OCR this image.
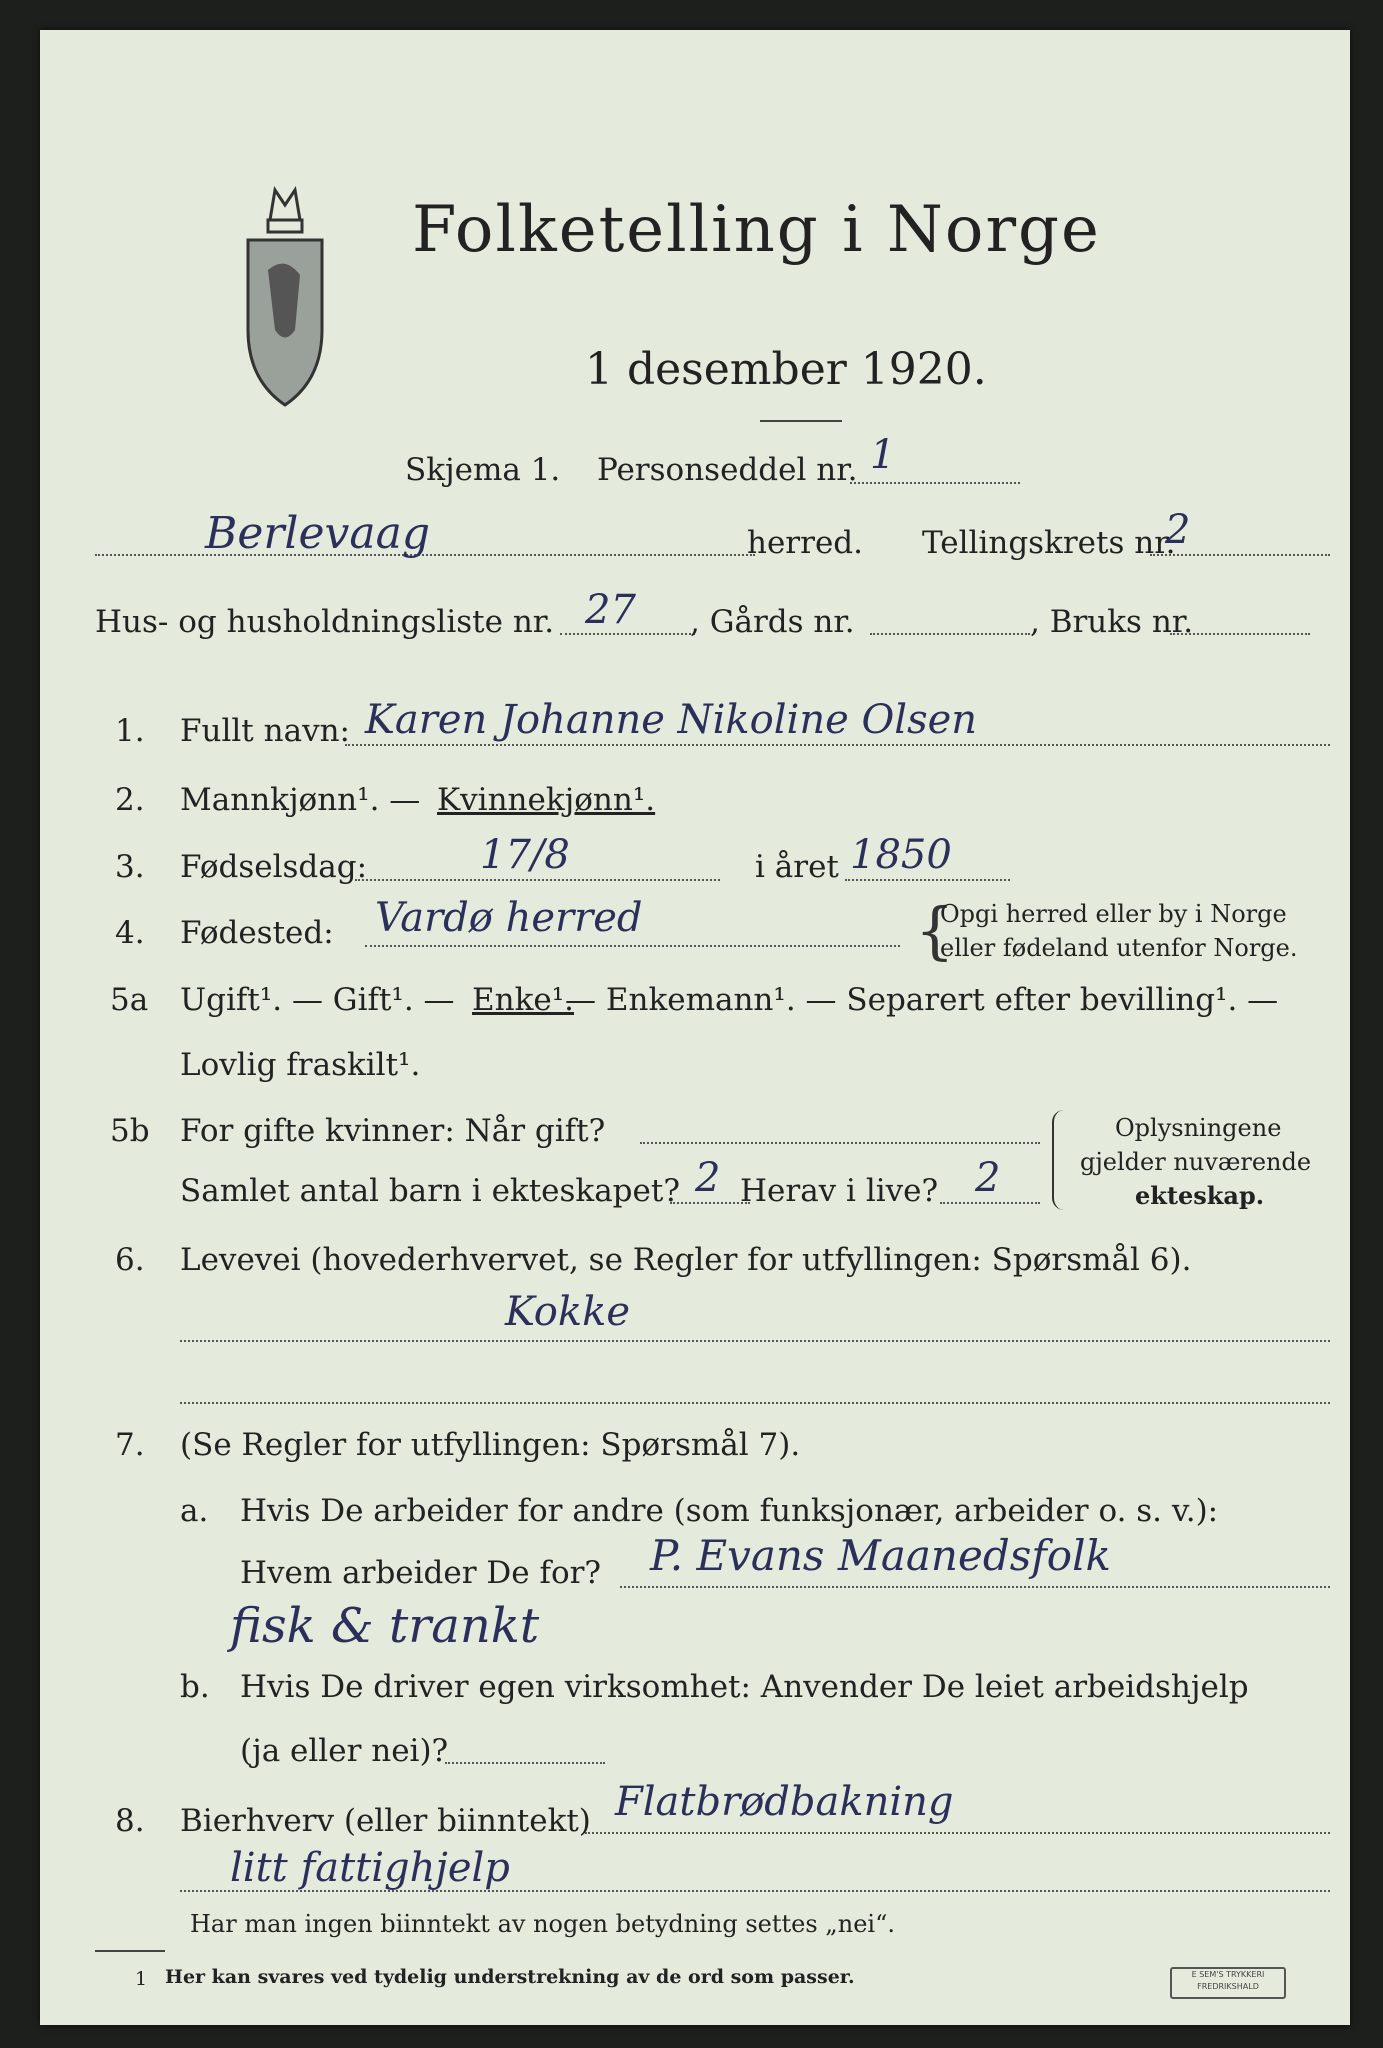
Folketelling i Norge
1 desember 1920.
Skjema 1. Personseddel nr. 1
Berlevaag	herred. Tellingskrets nr.
2
Hus- og husholdningsliste nr. 27 , Gårds nr.	, Bruks nr.
1. Fullt navn: Karen Johanne Nikoline Olsen
2. Mannkjønn¹. — Kvinnekjønn¹.
3. Fødselsdag:	17/8	i året 1850
4. Fødested: Vardø herred	{
Opgi herred eller by i Norge
eller fødeland utenfor Norge.
5a Ugift¹. — Gift¹. — Enke¹.
— Enkemann¹. — Separert efter bevilling¹. —
Lovlig fraskilt¹.
5b For gifte kvinner: Når gift?
Samlet antal barn i ekteskapet? 2 Herav i live? 2
Oplysningene
gjelder nuværende
ekteskap.
6. Levevei (hovederhvervet, se Regler for utfyllingen: Spørsmål 6).
Kokke
7. (Se Regler for utfyllingen: Spørsmål 7).
a. Hvis De arbeider for andre (som funksjonær, arbeider o. s. v.):
Hvem arbeider De for? P. Evans Maanedsfolk
fisk & trankt
b. Hvis De driver egen virksomhet: Anvender De leiet arbeidshjelp
(ja eller nei)?
8. Bierhverv (eller biinntekt) Flatbrødbakning
litt fattighjelp
Har man ingen biinntekt av nogen betydning settes „nei“.
1 Her kan svares ved tydelig understrekning av de ord som passer.	E SEM'S TRYKKERI FREDRIKSHALD
